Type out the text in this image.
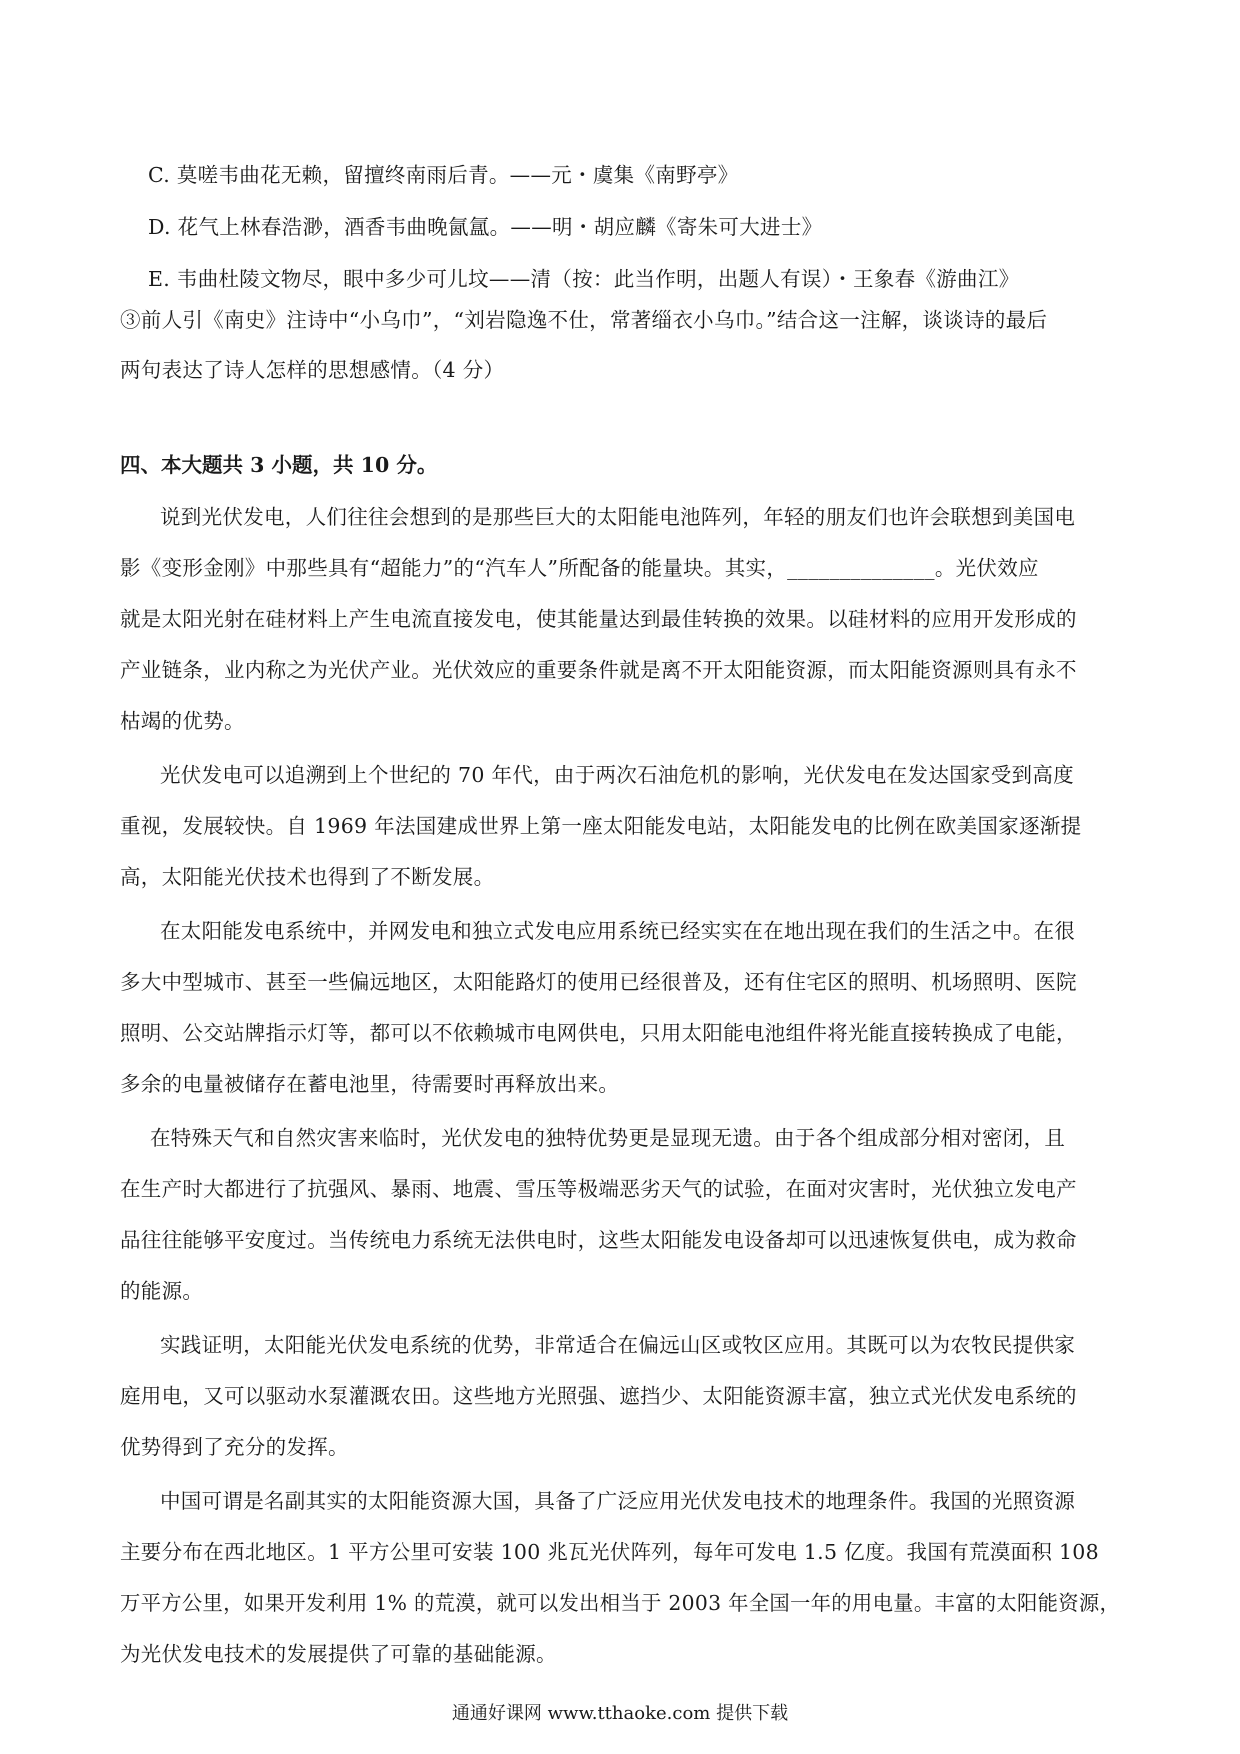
C. 莫嗟韦曲花无赖，留擅终南雨后青。——元・虞集《南野亭》
D. 花气上林春浩渺，酒香韦曲晚氤氲。——明・胡应麟《寄朱可大进士》
E. 韦曲杜陵文物尽，眼中多少可儿坟——清（按：此当作明，出题人有误）・王象春《游曲江》
③前人引《南史》注诗中“小乌巾”，“刘岩隐逸不仕，常著缁衣小乌巾。”结合这一注解，谈谈诗的最后
两句表达了诗人怎样的思想感情。（4 分）
四、本大题共 3 小题，共 10 分。
说到光伏发电，人们往往会想到的是那些巨大的太阳能电池阵列，年轻的朋友们也许会联想到美国电
影《变形金刚》中那些具有“超能力”的“汽车人”所配备的能量块。其实，______________。光伏效应
就是太阳光射在硅材料上产生电流直接发电，使其能量达到最佳转换的效果。以硅材料的应用开发形成的
产业链条，业内称之为光伏产业。光伏效应的重要条件就是离不开太阳能资源，而太阳能资源则具有永不
枯竭的优势。
光伏发电可以追溯到上个世纪的 70 年代，由于两次石油危机的影响，光伏发电在发达国家受到高度
重视，发展较快。自 1969 年法国建成世界上第一座太阳能发电站，太阳能发电的比例在欧美国家逐渐提
高，太阳能光伏技术也得到了不断发展。
在太阳能发电系统中，并网发电和独立式发电应用系统已经实实在在地出现在我们的生活之中。在很
多大中型城市、甚至一些偏远地区，太阳能路灯的使用已经很普及，还有住宅区的照明、机场照明、医院
照明、公交站牌指示灯等，都可以不依赖城市电网供电，只用太阳能电池组件将光能直接转换成了电能，
多余的电量被储存在蓄电池里，待需要时再释放出来。
在特殊天气和自然灾害来临时，光伏发电的独特优势更是显现无遗。由于各个组成部分相对密闭，且
在生产时大都进行了抗强风、暴雨、地震、雪压等极端恶劣天气的试验，在面对灾害时，光伏独立发电产
品往往能够平安度过。当传统电力系统无法供电时，这些太阳能发电设备却可以迅速恢复供电，成为救命
的能源。
实践证明，太阳能光伏发电系统的优势，非常适合在偏远山区或牧区应用。其既可以为农牧民提供家
庭用电，又可以驱动水泵灌溉农田。这些地方光照强、遮挡少、太阳能资源丰富，独立式光伏发电系统的
优势得到了充分的发挥。
中国可谓是名副其实的太阳能资源大国，具备了广泛应用光伏发电技术的地理条件。我国的光照资源
主要分布在西北地区。1 平方公里可安装 100 兆瓦光伏阵列，每年可发电 1.5 亿度。我国有荒漠面积 108
万平方公里，如果开发利用 1% 的荒漠，就可以发出相当于 2003 年全国一年的用电量。丰富的太阳能资源，
为光伏发电技术的发展提供了可靠的基础能源。
通通好课网 www.tthaoke.com 提供下载
